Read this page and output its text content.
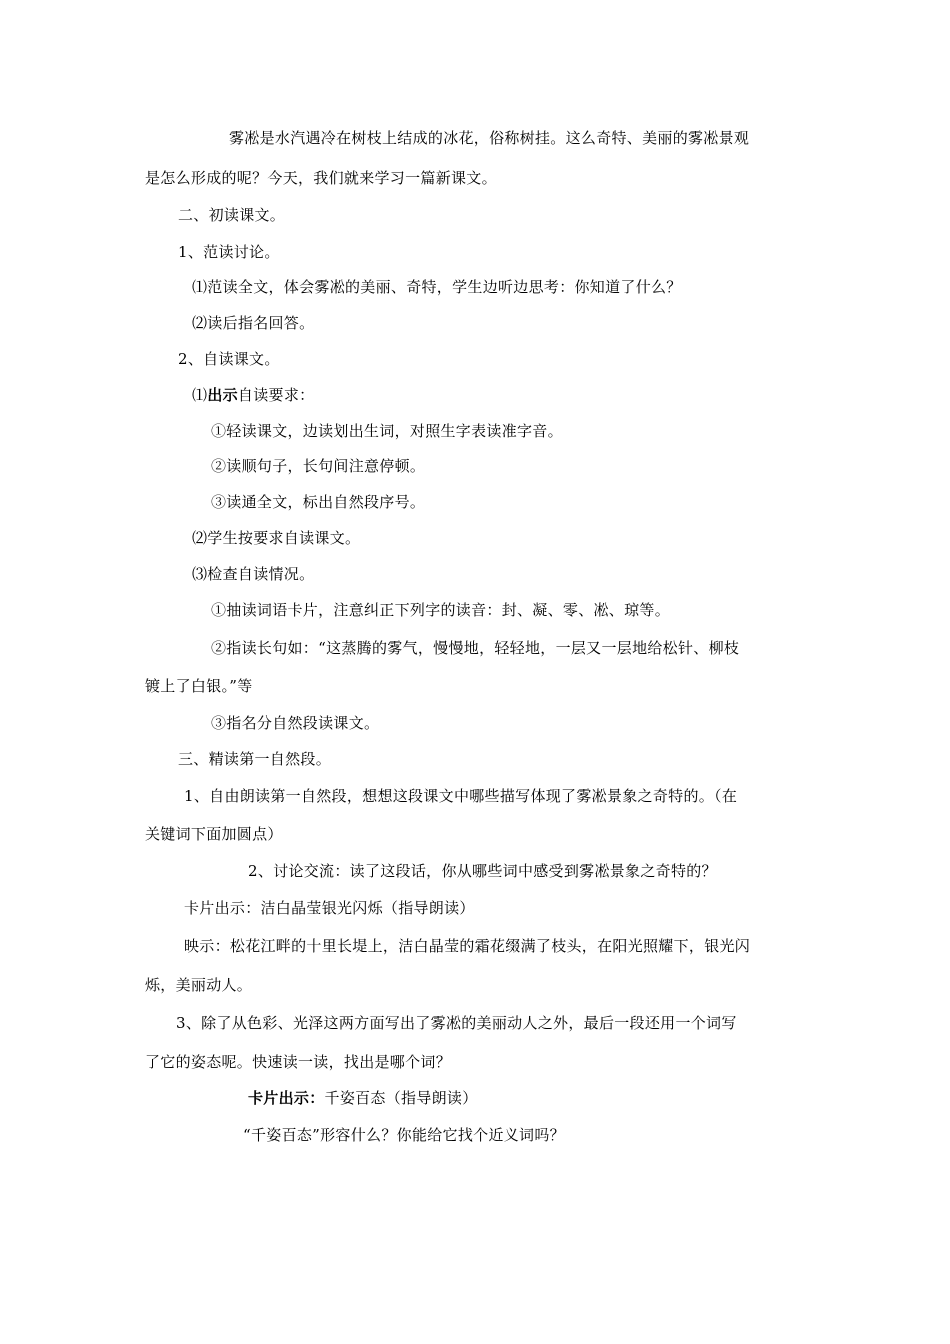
雾凇是水汽遇冷在树枝上结成的冰花，俗称树挂。这么奇特、美丽的雾凇景观
是怎么形成的呢？今天，我们就来学习一篇新课文。
二、初读课文。
1、范读讨论。
⑴范读全文，体会雾凇的美丽、奇特，学生边听边思考：你知道了什么？
⑵读后指名回答。
2、自读课文。
⑴出示自读要求：
①轻读课文，边读划出生词，对照生字表读准字音。
②读顺句子，长句间注意停顿。
③读通全文，标出自然段序号。
⑵学生按要求自读课文。
⑶检查自读情况。
①抽读词语卡片，注意纠正下列字的读音：封、凝、零、凇、琼等。
②指读长句如：“这蒸腾的雾气，慢慢地，轻轻地，一层又一层地给松针、柳枝
镀上了白银。”等
③指名分自然段读课文。
三、精读第一自然段。
1、自由朗读第一自然段，想想这段课文中哪些描写体现了雾凇景象之奇特的。（在
关键词下面加圆点）
2、讨论交流：读了这段话，你从哪些词中感受到雾凇景象之奇特的？
卡片出示：洁白晶莹银光闪烁（指导朗读）
映示：松花江畔的十里长堤上，洁白晶莹的霜花缀满了枝头，在阳光照耀下，银光闪
烁，美丽动人。
3、除了从色彩、光泽这两方面写出了雾凇的美丽动人之外，最后一段还用一个词写
了它的姿态呢。快速读一读，找出是哪个词？
卡片出示：千姿百态（指导朗读）
“千姿百态”形容什么？你能给它找个近义词吗？
